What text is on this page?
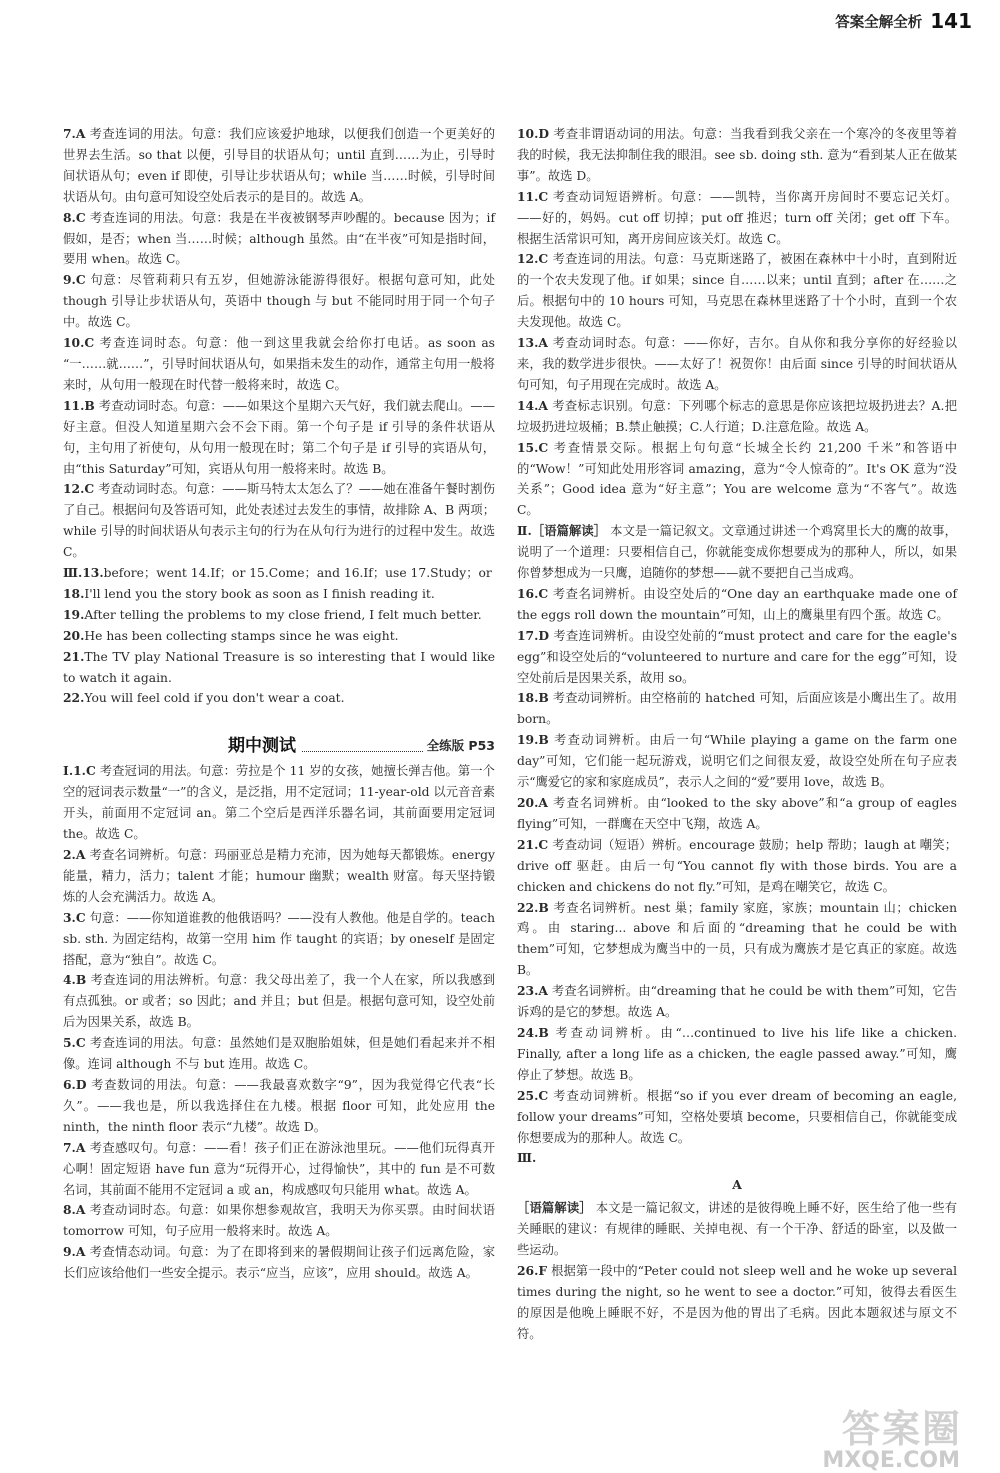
答案全解全析 141

7.A 考查连词的用法。句意：我们应该爱护地球，以便我们创造一个更美好的世界去生活。so that 以便，引导目的状语从句；until 直到……为止，引导时间状语从句；even if 即使，引导让步状语从句；while 当……时候，引导时间状语从句。由句意可知设空处后表示的是目的。故选 A。

8.C 考查连词的用法。句意：我是在半夜被钢琴声吵醒的。because 因为；if 假如，是否；when 当……时候；although 虽然。由“在半夜”可知是指时间，要用 when。故选 C。

9.C 句意：尽管莉莉只有五岁，但她游泳能游得很好。根据句意可知，此处 though 引导让步状语从句，英语中 though 与 but 不能同时用于同一个句子中。故选 C。

10.C 考查连词时态。句意：他一到这里我就会给你打电话。as soon as “一……就……”，引导时间状语从句，如果指未发生的动作，通常主句用一般将来时，从句用一般现在时代替一般将来时，故选 C。

11.B 考查动词时态。句意：——如果这个星期六天气好，我们就去爬山。——好主意。但没人知道星期六会不会下雨。第一个句子是 if 引导的条件状语从句，主句用了祈使句，从句用一般现在时；第二个句子是 if 引导的宾语从句，由“this Saturday”可知，宾语从句用一般将来时。故选 B。

12.C 考查动词时态。句意：——斯马特太太怎么了？——她在准备午餐时割伤了自己。根据问句及答语可知，此处表述过去发生的事情，故排除 A、B 两项；while 引导的时间状语从句表示主句的行为在从句行为进行的过程中发生。故选 C。

Ⅲ.13.before；went 14.If；or 15.Come；and 16.If；use 17.Study；or

18.I'll lend you the story book as soon as I finish reading it.

19.After telling the problems to my close friend, I felt much better.

20.He has been collecting stamps since he was eight.

21.The TV play National Treasure is so interesting that I would like to watch it again.

22.You will feel cold if you don't wear a coat.

期中测试	全练版 P53

Ⅰ.1.C 考查冠词的用法。句意：劳拉是个 11 岁的女孩，她擅长弹吉他。第一个空的冠词表示数量“一”的含义，是泛指，用不定冠词；11-year-old 以元音音素开头，前面用不定冠词 an。第二个空后是西洋乐器名词，其前面要用定冠词 the。故选 C。

2.A 考查名词辨析。句意：玛丽亚总是精力充沛，因为她每天都锻炼。energy 能量，精力，活力；talent 才能；humour 幽默；wealth 财富。每天坚持锻炼的人会充满活力。故选 A。

3.C 句意：——你知道谁教的他俄语吗？——没有人教他。他是自学的。teach sb. sth. 为固定结构，故第一空用 him 作 taught 的宾语；by oneself 是固定搭配，意为“独自”。故选 C。

4.B 考查连词的用法辨析。句意：我父母出差了，我一个人在家，所以我感到有点孤独。or 或者；so 因此；and 并且；but 但是。根据句意可知，设空处前后为因果关系，故选 B。

5.C 考查连词的用法。句意：虽然她们是双胞胎姐妹，但是她们看起来并不相像。连词 although 不与 but 连用。故选 C。

6.D 考查数词的用法。句意：——我最喜欢数字“9”，因为我觉得它代表“长久”。——我也是，所以我选择住在九楼。根据 floor 可知，此处应用 the ninth，the ninth floor 表示“九楼”。故选 D。

7.A 考查感叹句。句意：——看！孩子们正在游泳池里玩。——他们玩得真开心啊！固定短语 have fun 意为“玩得开心，过得愉快”，其中的 fun 是不可数名词，其前面不能用不定冠词 a 或 an，构成感叹句只能用 what。故选 A。

8.A 考查动词时态。句意：如果你想参观故宫，我明天为你买票。由时间状语 tomorrow 可知，句子应用一般将来时。故选 A。

9.A 考查情态动词。句意：为了在即将到来的暑假期间让孩子们远离危险，家长们应该给他们一些安全提示。表示“应当，应该”，应用 should。故选 A。

10.D 考查非谓语动词的用法。句意：当我看到我父亲在一个寒冷的冬夜里等着我的时候，我无法抑制住我的眼泪。see sb. doing sth. 意为“看到某人正在做某事”。故选 D。

11.C 考查动词短语辨析。句意：——凯特，当你离开房间时不要忘记关灯。——好的，妈妈。cut off 切掉；put off 推迟；turn off 关闭；get off 下车。根据生活常识可知，离开房间应该关灯。故选 C。

12.C 考查连词的用法。句意：马克斯迷路了，被困在森林中十小时，直到附近的一个农夫发现了他。if 如果；since 自……以来；until 直到；after 在……之后。根据句中的 10 hours 可知，马克思在森林里迷路了十个小时，直到一个农夫发现他。故选 C。

13.A 考查动词时态。句意：——你好，吉尔。自从你和我分享你的好经验以来，我的数学进步很快。——太好了！祝贺你！由后面 since 引导的时间状语从句可知，句子用现在完成时。故选 A。

14.A 考查标志识别。句意：下列哪个标志的意思是你应该把垃圾扔进去？A.把垃圾扔进垃圾桶；B.禁止触摸；C.人行道；D.注意危险。故选 A。

15.C 考查情景交际。根据上句句意“长城全长约 21,200 千米”和答语中的“Wow！”可知此处用形容词 amazing，意为“令人惊奇的”。It's OK 意为“没关系”；Good idea 意为“好主意”；You are welcome 意为“不客气”。故选 C。

Ⅱ.［语篇解读］ 本文是一篇记叙文。文章通过讲述一个鸡窝里长大的鹰的故事，说明了一个道理：只要相信自己，你就能变成你想要成为的那种人，所以，如果你曾梦想成为一只鹰，追随你的梦想——就不要把自己当成鸡。

16.C 考查名词辨析。由设空处后的“One day an earthquake made one of the eggs roll down the mountain”可知，山上的鹰巢里有四个蛋。故选 C。

17.D 考查连词辨析。由设空处前的“must protect and care for the eagle's egg”和设空处后的“volunteered to nurture and care for the egg”可知，设空处前后是因果关系，故用 so。

18.B 考查动词辨析。由空格前的 hatched 可知，后面应该是小鹰出生了。故用 born。

19.B 考查动词辨析。由后一句“While playing a game on the farm one day”可知，它们能一起玩游戏，说明它们之间很友爱，故设空处所在句子应表示“鹰爱它的家和家庭成员”，表示人之间的“爱”要用 love，故选 B。

20.A 考查名词辨析。由“looked to the sky above”和“a group of eagles flying”可知，一群鹰在天空中飞翔，故选 A。

21.C 考查动词（短语）辨析。encourage 鼓励；help 帮助；laugh at 嘲笑；drive off 驱赶。由后一句“You cannot fly with those birds. You are a chicken and chickens do not fly.”可知，是鸡在嘲笑它，故选 C。

22.B 考查名词辨析。nest 巢；family 家庭，家族；mountain 山；chicken 鸡。由 staring... above 和后面的“dreaming that he could be with them”可知，它梦想成为鹰当中的一员，只有成为鹰族才是它真正的家庭。故选 B。

23.A 考查名词辨析。由“dreaming that he could be with them”可知，它告诉鸡的是它的梦想。故选 A。

24.B 考查动词辨析。由“…continued to live his life like a chicken. Finally, after a long life as a chicken, the eagle passed away.”可知，鹰停止了梦想。故选 B。

25.C 考查动词辨析。根据“so if you ever dream of becoming an eagle, follow your dreams”可知，空格处要填 become，只要相信自己，你就能变成你想要成为的那种人。故选 C。

Ⅲ.

A

［语篇解读］ 本文是一篇记叙文，讲述的是彼得晚上睡不好，医生给了他一些有关睡眠的建议：有规律的睡眠、关掉电视、有一个干净、舒适的卧室，以及做一些运动。

26.F 根据第一段中的“Peter could not sleep well and he woke up several times during the night, so he went to see a doctor.”可知，彼得去看医生的原因是他晚上睡眠不好，不是因为他的胃出了毛病。因此本题叙述与原文不符。

答案圈
MXQE.COM
